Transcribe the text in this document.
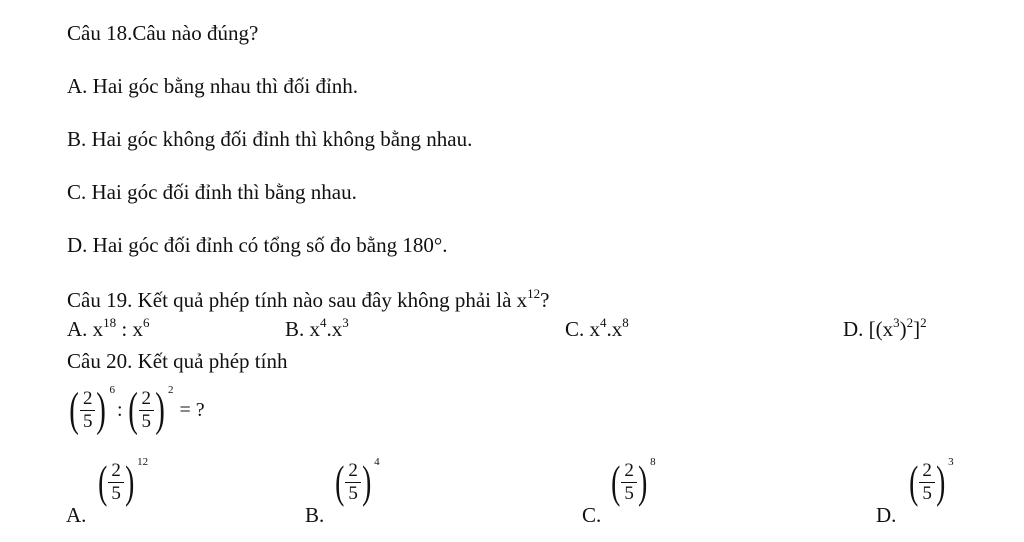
Câu 18.Câu nào đúng?
A. Hai góc bằng nhau thì đối đỉnh.
B. Hai góc không đối đỉnh thì không bằng nhau.
C. Hai góc đối đỉnh thì bằng nhau.
D. Hai góc đối đỉnh có tổng số đo bằng 180°.
Câu 19. Kết quả phép tính nào sau đây không phải là $x^{12}$?
A. $x^{18}$ : $x^6$	B. $x^4.x^3$	C. $x^4.x^8$	D. $[(x^3)^2]^2$
Câu 20. Kết quả phép tính
( $\frac{2}{5}$ ) 6
: ( $\frac{2}{5}$ ) 2
= ?
A.
( $\frac{2}{5}$ ) 12
B.
( $\frac{2}{5}$ ) 4
C.
( $\frac{2}{5}$ ) 8
D.
( $\frac{2}{5}$ ) 3
